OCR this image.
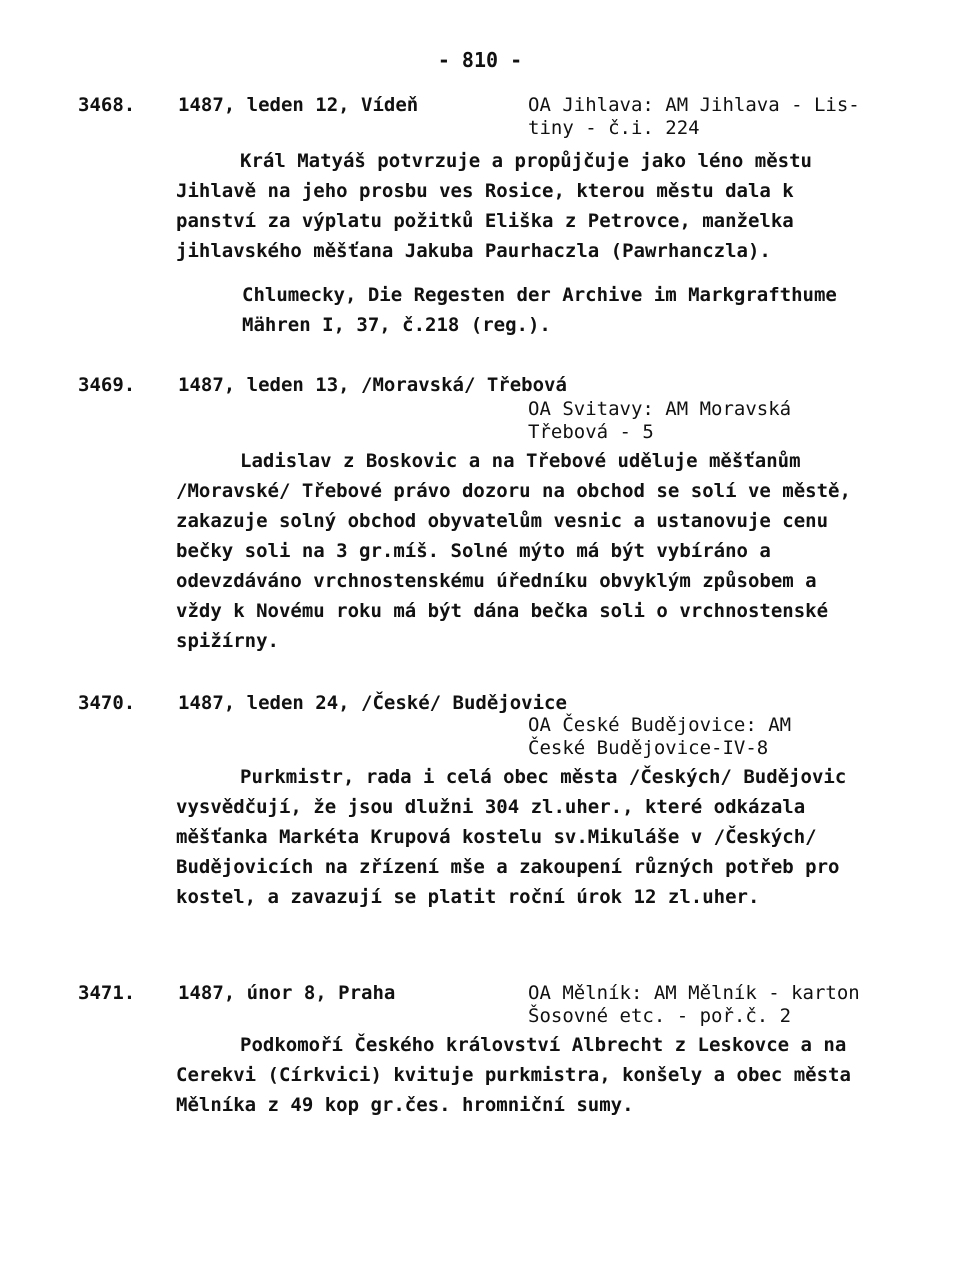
- 810 -
3468. 1487, leden 12, Vídeň	OA Jihlava: AM Jihlava - Lis-
tiny - č.i. 224

Král Matyáš potvrzuje a propůjčuje jako léno městu Jihlavě na jeho prosbu ves Rosice, kterou městu dala k panství za výplatu požitků Eliška z Petrovce, manželka jihlavského měšťana Jakuba Paurhaczla (Pawrhanczla).

Chlumecky, Die Regesten der Archive im Markgrafthume Mähren I, 37, č.218 (reg.).
3469. 1487, leden 13, /Moravská/ Třebová
OA Svitavy: AM Moravská
Třebová - 5

Ladislav z Boskovic a na Třebové uděluje měšťanům /Moravské/ Třebové právo dozoru na obchod se solí ve městě, zakazuje solný obchod obyvatelům vesnic a ustanovuje cenu bečky soli na 3 gr.míš. Solné mýto má být vybíráno a odevzdáváno vrchnostenskému úředníku obvyklým způsobem a vždy k Novému roku má být dána bečka soli o vrchnostenské spižírny.

3470. 1487, leden 24, /České/ Budějovice
OA České Budějovice: AM
České Budějovice-IV-8

Purkmistr, rada i celá obec města /Českých/ Budějovic vysvědčují, že jsou dlužni 304 zl.uher., které odkázala měšťanka Markéta Krupová kostelu sv.Mikuláše v /Českých/ Budějovicích na zřízení mše a zakoupení různých potřeb pro kostel, a zavazují se platit roční úrok 12 zl.uher.

3471. 1487, únor 8, Praha	OA Mělník: AM Mělník - karton Šosovné etc. - poř.č. 2

Podkomoří Českého království Albrecht z Leskovce a na Cerekvi (Církvici) kvituje purkmistra, konšely a obec města Mělníka z 49 kop gr.čes. hromniční sumy.
